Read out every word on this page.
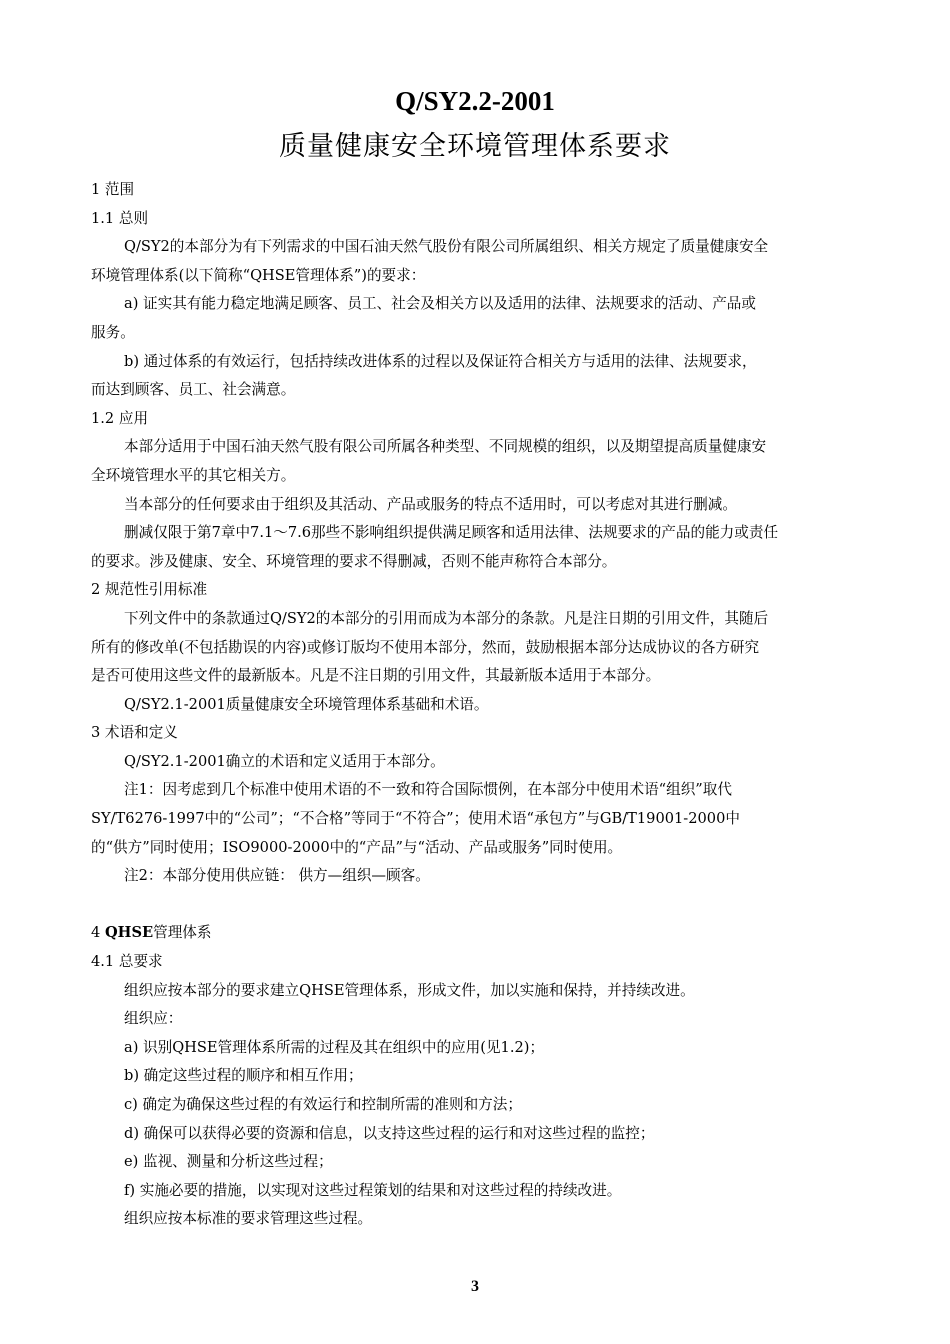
Q/SY2.2-2001
质量健康安全环境管理体系要求
1 范围
1.1 总则
Q/SY2的本部分为有下列需求的中国石油天然气股份有限公司所属组织、相关方规定了质量健康安全
环境管理体系(以下简称“QHSE管理体系”)的要求：
a) 证实其有能力稳定地满足顾客、员工、社会及相关方以及适用的法律、法规要求的活动、产品或
服务。
b) 通过体系的有效运行，包括持续改进体系的过程以及保证符合相关方与适用的法律、法规要求，
而达到顾客、员工、社会满意。
1.2 应用
本部分适用于中国石油天然气股有限公司所属各种类型、不同规模的组织，以及期望提高质量健康安
全环境管理水平的其它相关方。
当本部分的任何要求由于组织及其活动、产品或服务的特点不适用时，可以考虑对其进行删减。
删减仅限于第7章中7.1～7.6那些不影响组织提供满足顾客和适用法律、法规要求的产品的能力或责任
的要求。涉及健康、安全、环境管理的要求不得删减，否则不能声称符合本部分。
2 规范性引用标准
下列文件中的条款通过Q/SY2的本部分的引用而成为本部分的条款。凡是注日期的引用文件，其随后
所有的修改单(不包括勘误的内容)或修订版均不使用本部分，然而，鼓励根据本部分达成协议的各方研究
是否可使用这些文件的最新版本。凡是不注日期的引用文件，其最新版本适用于本部分。
Q/SY2.1-2001质量健康安全环境管理体系基础和术语。
3 术语和定义
Q/SY2.1-2001确立的术语和定义适用于本部分。
注1：因考虑到几个标准中使用术语的不一致和符合国际惯例，在本部分中使用术语“组织”取代
SY/T6276-1997中的“公司”；“不合格”等同于“不符合”；使用术语“承包方”与GB/T19001-2000中
的“供方”同时使用；ISO9000-2000中的“产品”与“活动、产品或服务”同时使用。
注2：本部分使用供应链： 供方—组织—顾客。
4 QHSE管理体系
4.1 总要求
组织应按本部分的要求建立QHSE管理体系，形成文件，加以实施和保持，并持续改进。
组织应：
a) 识别QHSE管理体系所需的过程及其在组织中的应用(见1.2)；
b) 确定这些过程的顺序和相互作用；
c) 确定为确保这些过程的有效运行和控制所需的准则和方法；
d) 确保可以获得必要的资源和信息，以支持这些过程的运行和对这些过程的监控；
e) 监视、测量和分析这些过程；
f) 实施必要的措施，以实现对这些过程策划的结果和对这些过程的持续改进。
组织应按本标准的要求管理这些过程。
3
